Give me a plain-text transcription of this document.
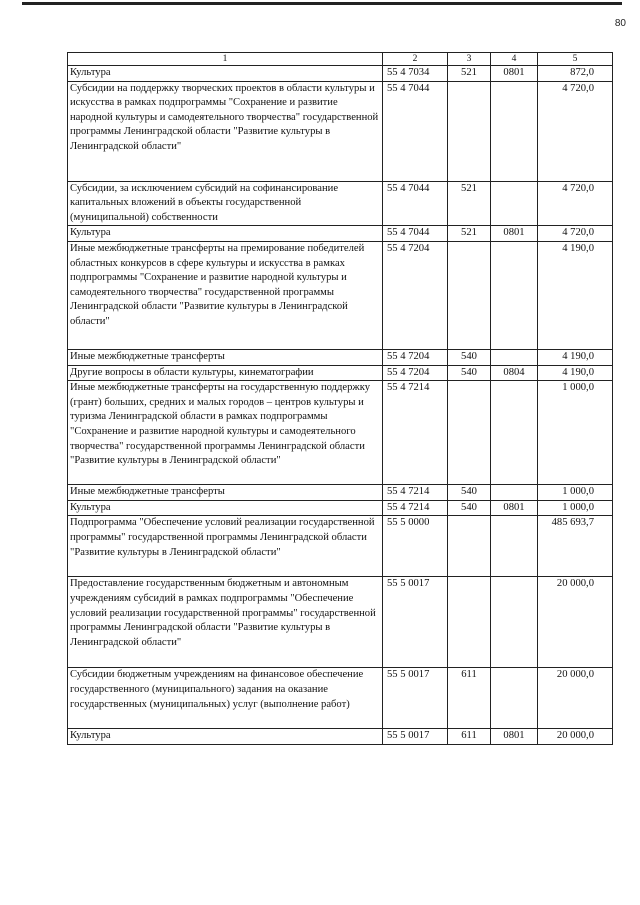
80
1	2	3	4	5
Культура	55 4 7034	521	0801	872,0
Субсидии на поддержку творческих проектов в области культуры и искусства в рамках подпрограммы "Сохранение и развитие народной культуры и самодеятельного творчества" государственной программы Ленинградской области "Развитие культуры в Ленинградской области"	55 4 7044			4 720,0
Субсидии, за исключением субсидий на софинансирование капитальных вложений в объекты государственной (муниципальной) собственности	55 4 7044	521		4 720,0
Культура	55 4 7044	521	0801	4 720,0
Иные межбюджетные трансферты на премирование победителей областных конкурсов в сфере культуры и искусства в рамках подпрограммы "Сохранение и развитие народной культуры и самодеятельного творчества" государственной программы Ленинградской области "Развитие культуры в Ленинградской области"	55 4 7204			4 190,0
Иные межбюджетные трансферты	55 4 7204	540		4 190,0
Другие вопросы в области культуры, кинематографии	55 4 7204	540	0804	4 190,0
Иные межбюджетные трансферты на государственную поддержку (грант) больших, средних и малых городов – центров культуры и туризма Ленинградской области в рамках подпрограммы "Сохранение и развитие народной культуры и самодеятельного творчества" государственной программы Ленинградской области "Развитие культуры в Ленинградской области"	55 4 7214			1 000,0
Иные межбюджетные трансферты	55 4 7214	540		1 000,0
Культура	55 4 7214	540	0801	1 000,0
Подпрограмма "Обеспечение условий реализации государственной программы" государственной программы Ленинградской области "Развитие культуры в Ленинградской области"	55 5 0000			485 693,7
Предоставление государственным бюджетным и автономным учреждениям субсидий в рамках подпрограммы "Обеспечение условий реализации государственной программы" государственной программы Ленинградской области "Развитие культуры в Ленинградской области"	55 5 0017			20 000,0
Субсидии бюджетным учреждениям на финансовое обеспечение государственного (муниципального) задания на оказание государственных (муниципальных) услуг (выполнение работ)	55 5 0017	611		20 000,0
Культура	55 5 0017	611	0801	20 000,0
